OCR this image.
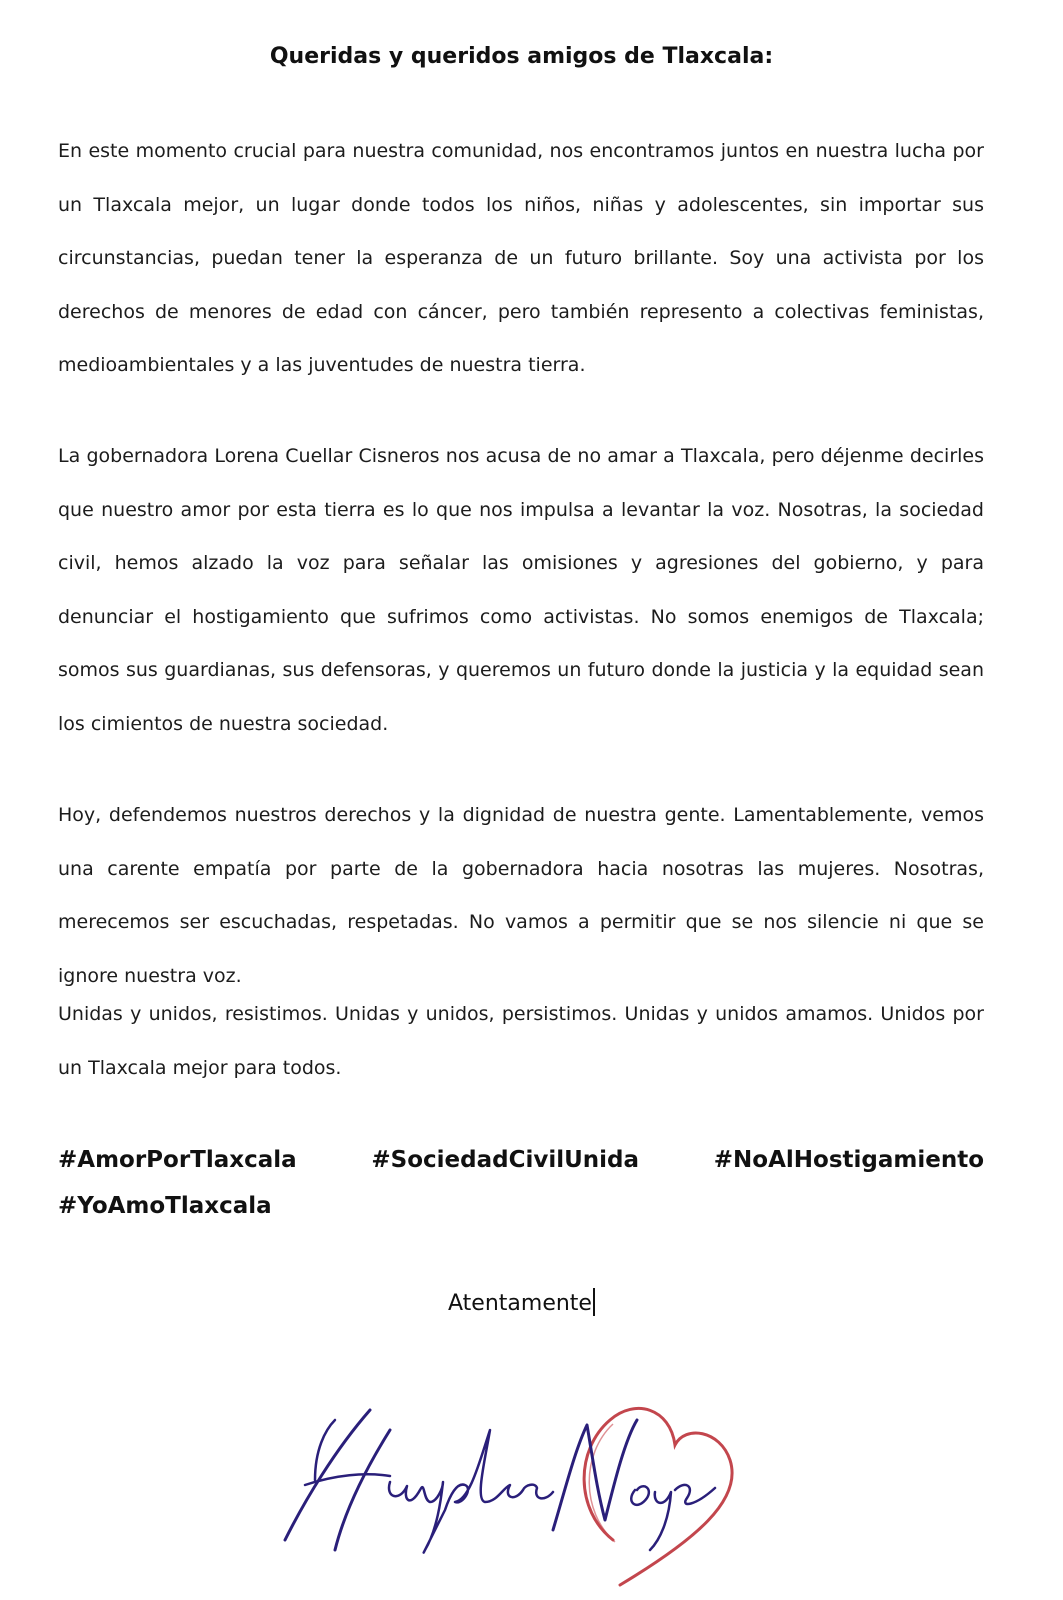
Queridas y queridos amigos de Tlaxcala:

En este momento crucial para nuestra comunidad, nos encontramos juntos en nuestra lucha por un Tlaxcala mejor, un lugar donde todos los niños, niñas y adolescentes, sin importar sus circunstancias, puedan tener la esperanza de un futuro brillante. Soy una activista por los derechos de menores de edad con cáncer, pero también represento a colectivas feministas, medioambientales y a las juventudes de nuestra tierra.

La gobernadora Lorena Cuellar Cisneros nos acusa de no amar a Tlaxcala, pero déjenme decirles que nuestro amor por esta tierra es lo que nos impulsa a levantar la voz. Nosotras, la sociedad civil, hemos alzado la voz para señalar las omisiones y agresiones del gobierno, y para denunciar el hostigamiento que sufrimos como activistas. No somos enemigos de Tlaxcala; somos sus guardianas, sus defensoras, y queremos un futuro donde la justicia y la equidad sean los cimientos de nuestra sociedad.

Hoy, defendemos nuestros derechos y la dignidad de nuestra gente. Lamentablemente, vemos una carente empatía por parte de la gobernadora hacia nosotras las mujeres. Nosotras, merecemos ser escuchadas, respetadas. No vamos a permitir que se nos silencie ni que se ignore nuestra voz.

Unidas y unidos, resistimos. Unidas y unidos, persistimos. Unidas y unidos amamos. Unidos por un Tlaxcala mejor para todos.

#AmorPorTlaxcala	#SociedadCivilUnida	#NoAlHostigamiento
#YoAmoTlaxcala
Atentamente
